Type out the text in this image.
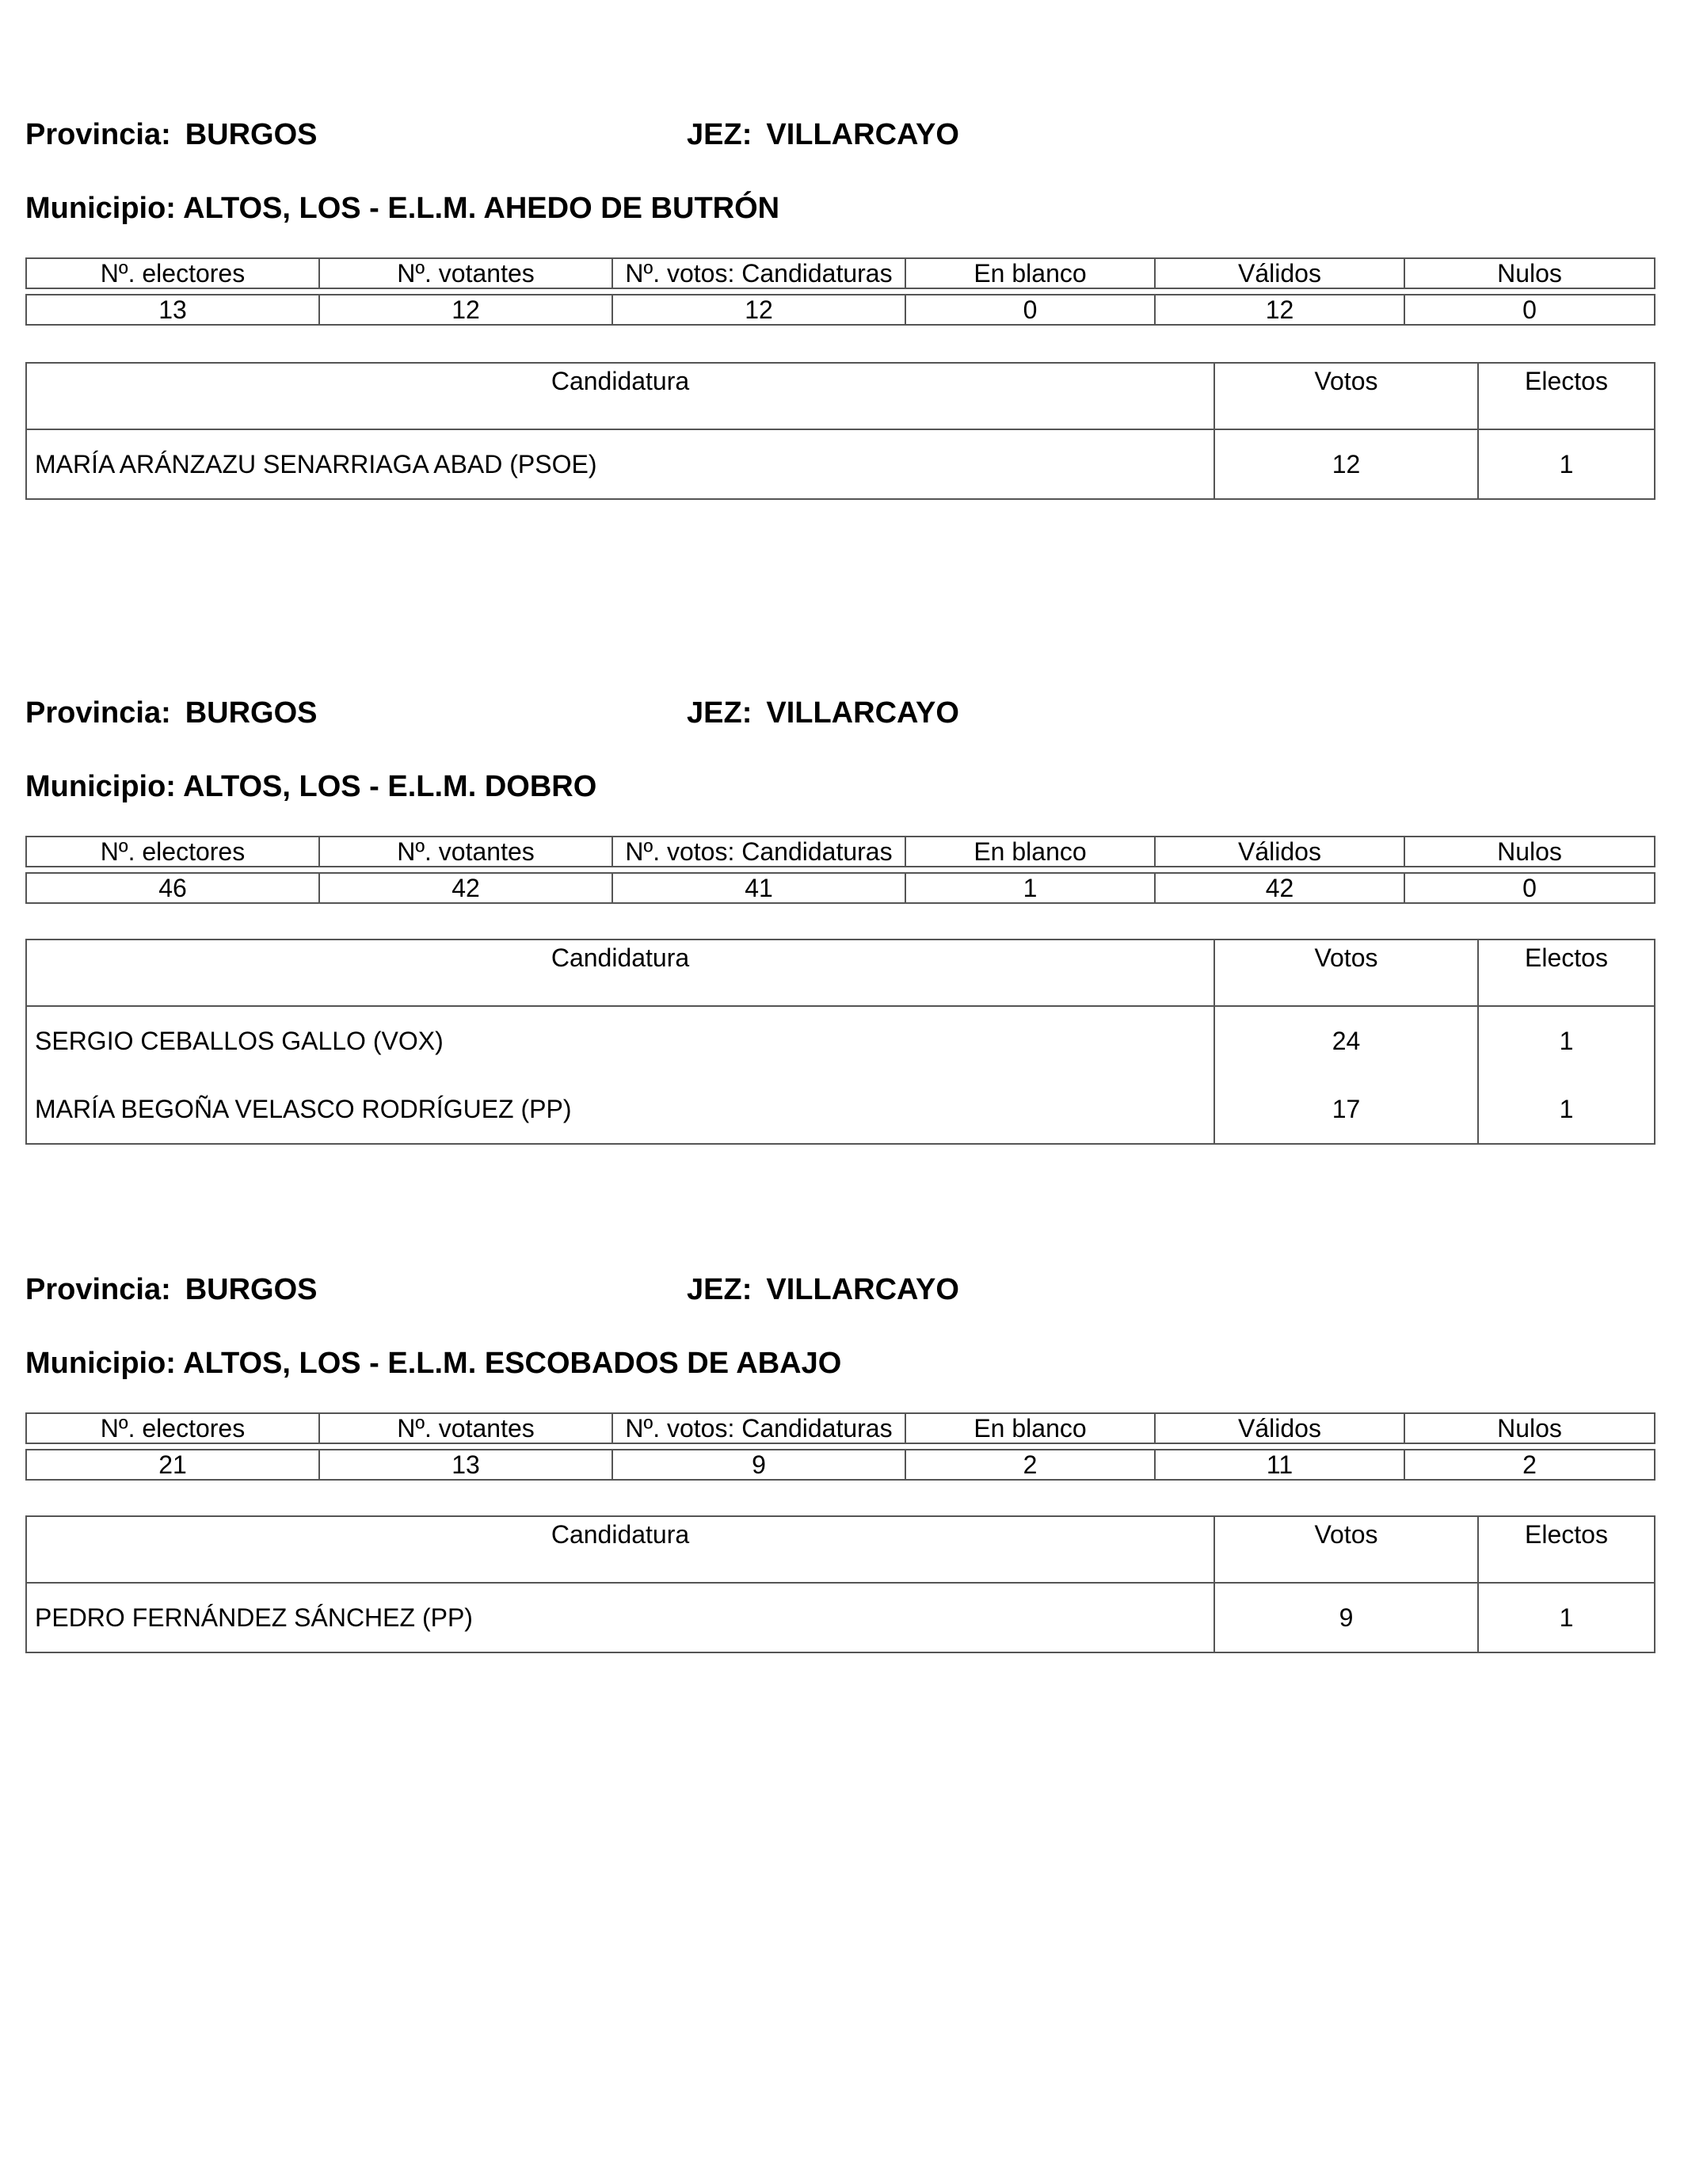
Provincia: BURGOS	JEZ: VILLARCAYO
Municipio: ALTOS, LOS - E.L.M. AHEDO DE BUTRÓN
Nº. electores	Nº. votantes	Nº. votos: Candidaturas	En blanco	Válidos	Nulos

13	12	12	0	12	0
Candidatura	Votos	Electos
MARÍA ARÁNZAZU SENARRIAGA ABAD (PSOE)	12	1
Provincia: BURGOS	JEZ: VILLARCAYO
Municipio: ALTOS, LOS - E.L.M. DOBRO
Nº. electores	Nº. votantes	Nº. votos: Candidaturas	En blanco	Válidos	Nulos

46	42	41	1	42	0
Candidatura	Votos	Electos
SERGIO CEBALLOS GALLO (VOX)	24	1
MARÍA BEGOÑA VELASCO RODRÍGUEZ (PP)	17	1
Provincia: BURGOS	JEZ: VILLARCAYO
Municipio: ALTOS, LOS - E.L.M. ESCOBADOS DE ABAJO
Nº. electores	Nº. votantes	Nº. votos: Candidaturas	En blanco	Válidos	Nulos

21	13	9	2	11	2
Candidatura	Votos	Electos
PEDRO FERNÁNDEZ SÁNCHEZ (PP)	9	1
